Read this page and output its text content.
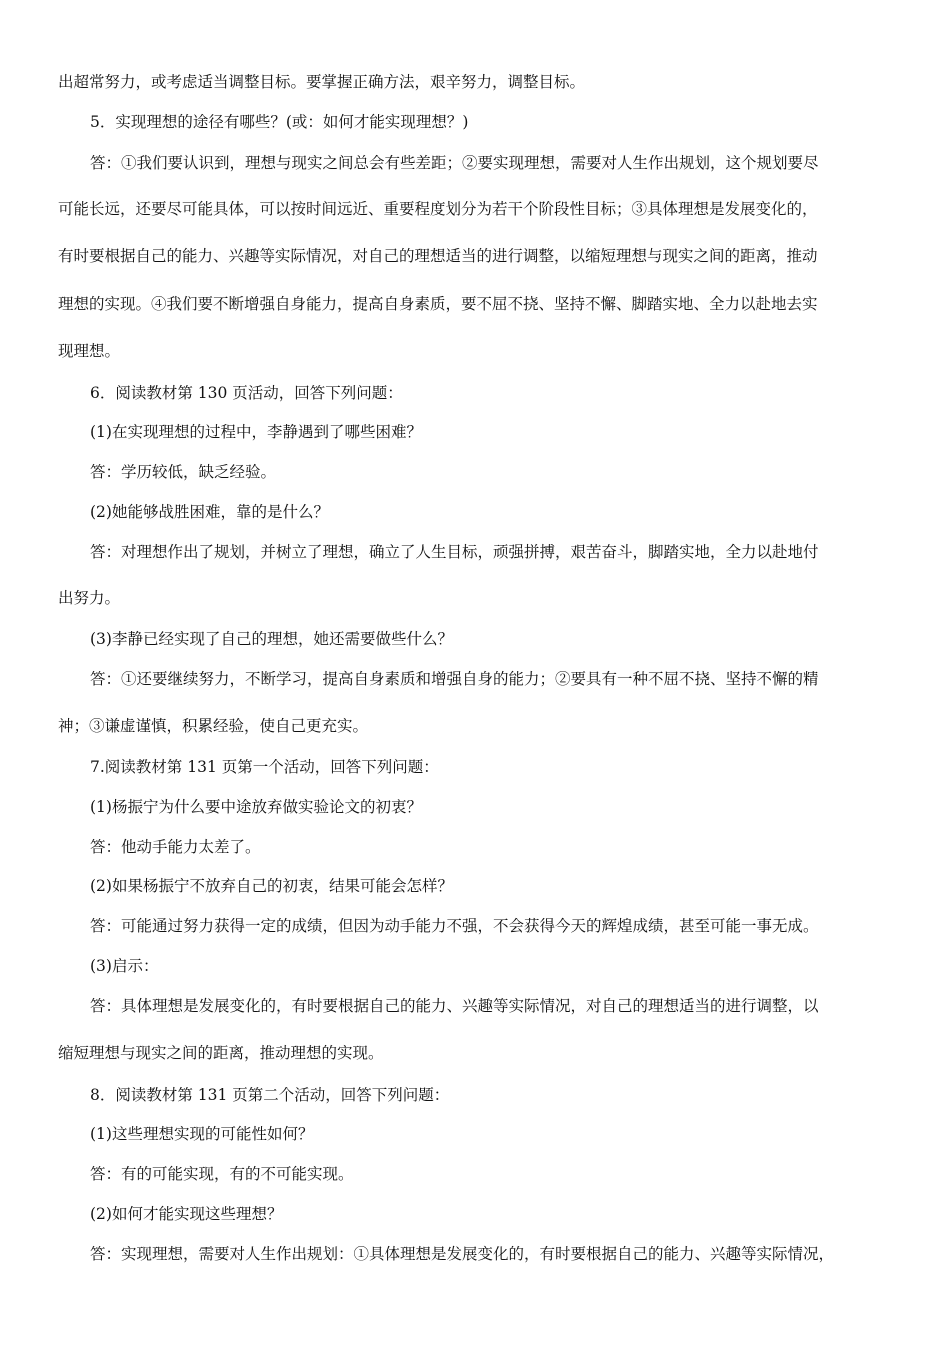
出超常努力，或考虑适当调整目标。要掌握正确方法，艰辛努力，调整目标。
5．实现理想的途径有哪些？(或：如何才能实现理想？)
答：①我们要认识到，理想与现实之间总会有些差距；②要实现理想，需要对人生作出规划，这个规划要尽
可能长远，还要尽可能具体，可以按时间远近、重要程度划分为若干个阶段性目标；③具体理想是发展变化的，
有时要根据自己的能力、兴趣等实际情况，对自己的理想适当的进行调整，以缩短理想与现实之间的距离，推动
理想的实现。④我们要不断增强自身能力，提高自身素质，要不屈不挠、坚持不懈、脚踏实地、全力以赴地去实
现理想。
6．阅读教材第 130 页活动，回答下列问题：
(1)在实现理想的过程中，李静遇到了哪些困难？
答：学历较低，缺乏经验。
(2)她能够战胜困难，靠的是什么？
答：对理想作出了规划，并树立了理想，确立了人生目标，顽强拼搏，艰苦奋斗，脚踏实地，全力以赴地付
出努力。
(3)李静已经实现了自己的理想，她还需要做些什么？
答：①还要继续努力，不断学习，提高自身素质和增强自身的能力；②要具有一种不屈不挠、坚持不懈的精
神；③谦虚谨慎，积累经验，使自己更充实。
7.阅读教材第 131 页第一个活动，回答下列问题：
(1)杨振宁为什么要中途放弃做实验论文的初衷？
答：他动手能力太差了。
(2)如果杨振宁不放弃自己的初衷，结果可能会怎样？
答：可能通过努力获得一定的成绩，但因为动手能力不强，不会获得今天的辉煌成绩，甚至可能一事无成。
(3)启示：
答：具体理想是发展变化的，有时要根据自己的能力、兴趣等实际情况，对自己的理想适当的进行调整，以
缩短理想与现实之间的距离，推动理想的实现。
8．阅读教材第 131 页第二个活动，回答下列问题：
(1)这些理想实现的可能性如何？
答：有的可能实现，有的不可能实现。
(2)如何才能实现这些理想？
答：实现理想，需要对人生作出规划：①具体理想是发展变化的，有时要根据自己的能力、兴趣等实际情况，
